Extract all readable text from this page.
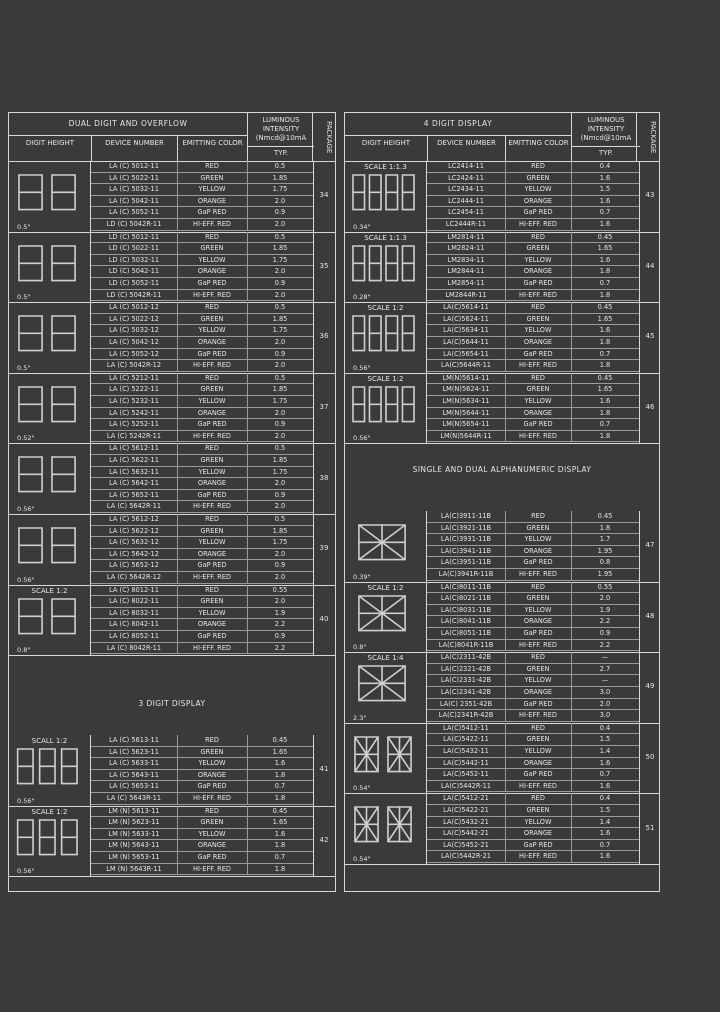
DUAL DIGIT AND OVERFLOW
DIGIT HEIGHT	DEVICE NUMBER	EMITTING COLOR
LUMINOUS INTENSITY
(Nmcd@10mA
TYP.	PACKAGE
0.5"
LA (C) 5012-11	RED	0.5
LA (C) 5022-11	GREEN	1.85
LA (C) 5032-11	YELLOW	1.75
LA (C) 5042-11	ORANGE	2.0
LA (C) 5052-11	GaP RED	0.9
LD (C) 5042R-11	HI-EFF. RED	2.0
34
0.5"
LD (C) 5012-11	RED	0.5
LD (C) 5022-11	GREEN	1.85
LD (C) 5032-11	YELLOW	1.75
LD (C) 5042-11	ORANGE	2.0
LD (C) 5052-11	GaP RED	0.9
LD (C) 5042R-11	HI-EFF. RED	2.0
35
0.5"
LA (C) 5012-12	RED	0.5
LA (C) 5022-12	GREEN	1.85
LA (C) 5032-12	YELLOW	1.75
LA (C) 5042-12	ORANGE	2.0
LA (C) 5052-12	GaP RED	0.9
LA (C) 5042R-12	HI-EFF. RED	2.0
36
0.52"
LA (C) 5212-11	RED	0.5
LA (C) 5222-11	GREEN	1.85
LA (C) 5232-11	YELLOW	1.75
LA (C) 5242-11	ORANGE	2.0
LA (C) 5252-11	GaP RED	0.9
LA (C) 5242R-11	HI-EFF. RED	2.0
37
0.56"
LA (C) 5612-11	RED	0.5
LA (C) 5622-11	GREEN	1.85
LA (C) 5632-11	YELLOW	1.75
LA (C) 5642-11	ORANGE	2.0
LA (C) 5652-11	GaP RED	0.9
LA (C) 5642R-11	HI-EFF. RED	2.0
38
0.56"
LA (C) 5612-12	RED	0.5
LA (C) 5622-12	GREEN	1.85
LA (C) 5632-12	YELLOW	1.75
LA (C) 5642-12	ORANGE	2.0
LA (C) 5652-12	GaP RED	0.9
LA (C) 5642R-12	HI-EFF. RED	2.0
39
SCALE 1:2
0.8"
LA (C) 8012-11	RED	0.55
LA (C) 8022-11	GREEN	2.0
LA (C) 8032-11	YELLOW	1.9
LA (C) 8042-11	ORANGE	2.2
LA (C) 8052-11	GaP RED	0.9
LA (C) 8042R-11	HI-EFF. RED	2.2
40
3 DIGIT DISPLAY
SCALL 1:2
0.56"
LA (C) 5613-11	RED	0.45
LA (C) 5623-11	GREEN	1.65
LA (C) 5633-11	YELLOW	1.6
LA (C) 5643-11	ORANGE	1.8
LA (C) 5653-11	GaP RED	0.7
LA (C) 5643R-11	HI-EFF. RED	1.8
41
SCALE 1:2
0.56"
LM (N) 5613-11	RED	0.45
LM (N) 5623-11	GREEN	1.65
LM (N) 5633-11	YELLOW	1.6
LM (N) 5643-11	ORANGE	1.8
LM (N) 5653-11	GaP RED	0.7
LM (N) 5643R-11	HI-EFF. RED	1.8
42
4 DIGIT DISPLAY
DIGIT HEIGHT	DEVICE NUMBER	EMITTING COLOR
LUMINOUS INTENSITY
(Nmcd@10mA
TYP.	PACKAGE
SCALE 1:1.3
0.34"
LC2414-11	RED	0.4
LC2424-11	GREEN	1.6
LC2434-11	YELLOW	1.5
LC2444-11	ORANGE	1.6
LC2454-11	GaP RED	0.7
LC2444R-11	HI-EFF. RED	1.6
43
SCALE 1:1.3
0.28"
LM2814-11	RED	0.45
LM2824-11	GREEN	1.65
LM2834-11	YELLOW	1.6
LM2844-11	ORANGE	1.8
LM2854-11	GaP RED	0.7
LM2844R-11	HI-EFF. RED	1.8
44
SCALE 1:2
0.56"
LA(C)5614-11	RED	0.45
LA(C)5624-11	GREEN	1.65
LA(C)5634-11	YELLOW	1.6
LA(C)5644-11	ORANGE	1.8
LA(C)5654-11	GaP RED	0.7
LA(C)5644R-11	HI-EFF. RED	1.8
45
SCALE 1:2
0.56"
LM(N)5614-11	RED	0.45
LM(N)5624-11	GREEN	1.65
LM(N)5634-11	YELLOW	1.6
LM(N)5644-11	ORANGE	1.8
LM(N)5654-11	GaP RED	0.7
LM(N)5644R-11	HI-EFF. RED	1.8
46
SINGLE AND DUAL ALPHANUMERIC DISPLAY
0.39"
LA(C)3911-11B	RED	0.45
LA(C)3921-11B	GREEN	1.8
LA(C)3931-11B	YELLOW	1.7
LA(C)3941-11B	ORANGE	1.95
LA(C)3951-11B	GaP RED	0.8
LA(C)3941R-11B	HI-EFF. RED	1.95
47
SCALE 1:2
0.8"
LA(C)8011-11B	RED	0.55
LA(C)8021-11B	GREEN	2.0
LA(C)8031-11B	YELLOW	1.9
LA(C)8041-11B	ORANGE	2.2
LA(C)8051-11B	GaP RED	0.9
LA(C)8041R-11B	HI-EFF. RED	2.2
48
SCALE 1:4
2.3"
LA(C)2311-42B	RED	—
LA(C)2321-42B	GREEN	2.7
LA(C)2331-42B	YELLOW	—
LA(C)2341-42B	ORANGE	3.0
LA(C) 2351-42B	GaP RED	2.0
LA(C)2341R-42B	HI-EFF. RED	3.0
49
0.54"
LA(C)5412-11	RED	0.4
LA(C)5422-11	GREEN	1.5
LA(C)5432-11	YELLOW	1.4
LA(C)5442-11	ORANGE	1.6
LA(C)5452-11	GaP RED	0.7
LA(C)5442R-11	HI-EFF. RED	1.6
50
0.54"
LA(C)5412-21	RED	0.4
LA(C)5422-21	GREEN	1.5
LA(C)5432-21	YELLOW	1.4
LA(C)5442-21	ORANGE	1.6
LA(C)5452-21	GaP RED	0.7
LA(C)5442R-21	HI-EFF. RED	1.6
51
